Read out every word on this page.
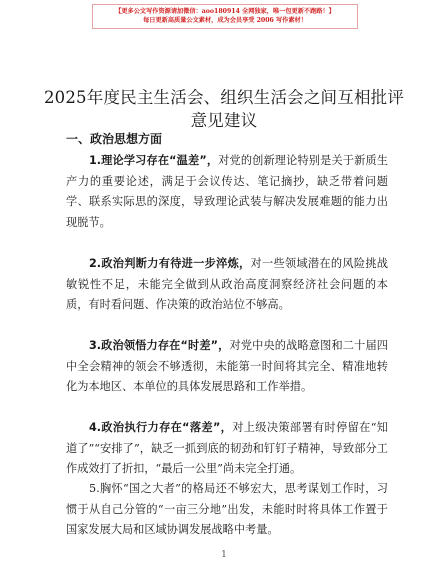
【更多公文写作资源请加微信：aoo180914 全网独家，唯一包更新不跑路！】
每日更新高质量公文素材，成为会员享受 2006 写作素材！
2025年度民主生活会、组织生活会之间互相批评意见建议
一、政治思想方面
1.理论学习存在“温差”，对党的创新理论特别是关于新质生产力的重要论述，满足于会议传达、笔记摘抄，缺乏带着问题学、联系实际思的深度，导致理论武装与解决发展难题的能力出现脱节。
2.政治判断力有待进一步淬炼，对一些领域潜在的风险挑战敏锐性不足，未能完全做到从政治高度洞察经济社会问题的本质，有时看问题、作决策的政治站位不够高。
3.政治领悟力存在“时差”，对党中央的战略意图和二十届四中全会精神的领会不够透彻，未能第一时间将其完全、精准地转化为本地区、本单位的具体发展思路和工作举措。
4.政治执行力存在“落差”，对上级决策部署有时停留在“知道了”“安排了”，缺乏一抓到底的韧劲和钉钉子精神，导致部分工作成效打了折扣，“最后一公里”尚未完全打通。
5.胸怀“国之大者”的格局还不够宏大，思考谋划工作时，习惯于从自己分管的“一亩三分地”出发，未能时时将具体工作置于国家发展大局和区域协调发展战略中考量。
1
